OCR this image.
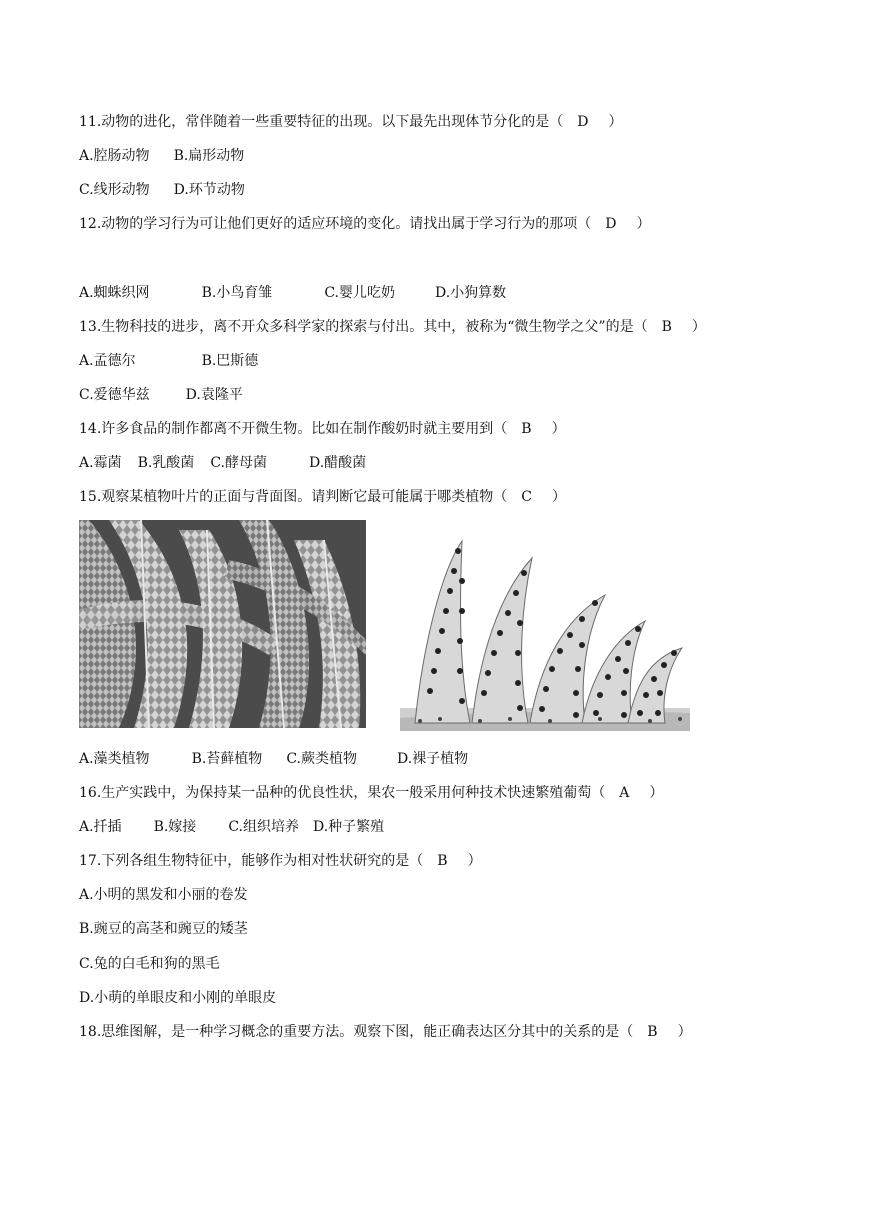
11.动物的进化，常伴随着一些重要特征的出现。以下最先出现体节分化的是（ D ）
A.腔肠动物 B.扁形动物
C.线形动物 D.环节动物
12.动物的学习行为可让他们更好的适应环境的变化。请找出属于学习行为的那项（ D ）
A.蜘蛛织网	B.小鸟育雏	C.婴儿吃奶	D.小狗算数
13.生物科技的进步，离不开众多科学家的探索与付出。其中，被称为“微生物学之父”的是（ B ）
A.孟德尔	B.巴斯德
C.爱德华兹	D.袁隆平
14.许多食品的制作都离不开微生物。比如在制作酸奶时就主要用到（ B ）
A.霉菌 B.乳酸菌 C.酵母菌	D.醋酸菌
15.观察某植物叶片的正面与背面图。请判断它最可能属于哪类植物（ C ）
A.藻类植物	B.苔藓植物 C.蕨类植物	D.裸子植物
16.生产实践中，为保持某一品种的优良性状，果农一般采用何种技术快速繁殖葡萄（ A ）
A.扦插 B.嫁接 C.组织培养 D.种子繁殖
17.下列各组生物特征中，能够作为相对性状研究的是（ B ）
A.小明的黑发和小丽的卷发
B.豌豆的高茎和豌豆的矮茎
C.兔的白毛和狗的黑毛
D.小萌的单眼皮和小刚的单眼皮
18.思维图解，是一种学习概念的重要方法。观察下图，能正确表达区分其中的关系的是（ B ）
